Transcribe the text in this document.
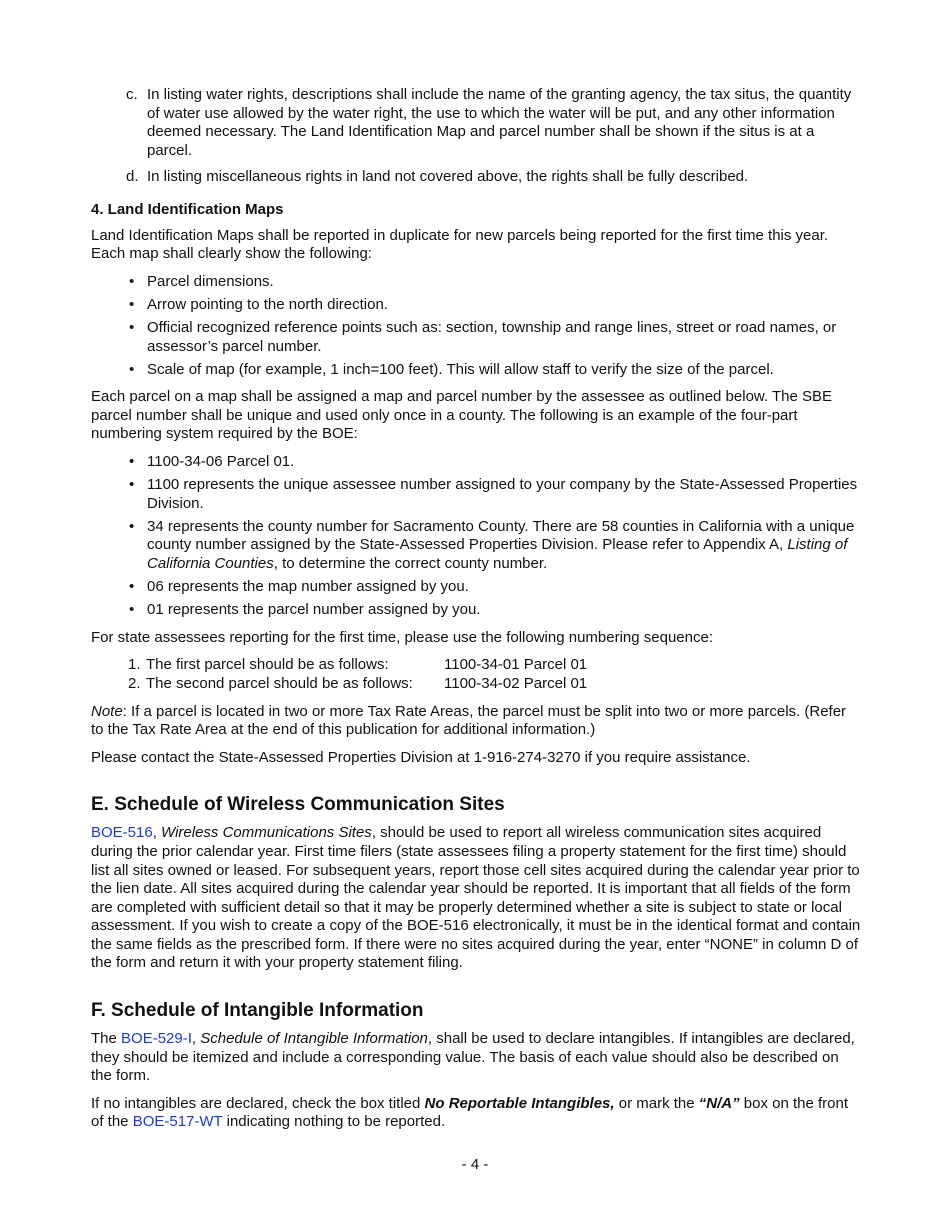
c. In listing water rights, descriptions shall include the name of the granting agency, the tax situs, the quantity of water use allowed by the water right, the use to which the water will be put, and any other information deemed necessary. The Land Identification Map and parcel number shall be shown if the situs is at a parcel.
d. In listing miscellaneous rights in land not covered above, the rights shall be fully described.
4. Land Identification Maps

Land Identification Maps shall be reported in duplicate for new parcels being reported for the first time this year. Each map shall clearly show the following:

• Parcel dimensions.
• Arrow pointing to the north direction.
• Official recognized reference points such as: section, township and range lines, street or road names, or assessor’s parcel number.
• Scale of map (for example, 1 inch=100 feet). This will allow staff to verify the size of the parcel.

Each parcel on a map shall be assigned a map and parcel number by the assessee as outlined below. The SBE parcel number shall be unique and used only once in a county. The following is an example of the four-part numbering system required by the BOE:

• 1100-34-06 Parcel 01.
• 1100 represents the unique assessee number assigned to your company by the State-Assessed Properties Division.
• 34 represents the county number for Sacramento County. There are 58 counties in California with a unique county number assigned by the State-Assessed Properties Division. Please refer to Appendix A, Listing of California Counties, to determine the correct county number.
• 06 represents the map number assigned by you.
• 01 represents the parcel number assigned by you.

For state assessees reporting for the first time, please use the following numbering sequence:

1. The first parcel should be as follows:	1100-34-01 Parcel 01
2. The second parcel should be as follows:	1100-34-02 Parcel 01

Note: If a parcel is located in two or more Tax Rate Areas, the parcel must be split into two or more parcels. (Refer to the Tax Rate Area at the end of this publication for additional information.)

Please contact the State-Assessed Properties Division at 1-916-274-3270 if you require assistance.

E. Schedule of Wireless Communication Sites

BOE-516, Wireless Communications Sites, should be used to report all wireless communication sites acquired during the prior calendar year. First time filers (state assessees filing a property statement for the first time) should list all sites owned or leased. For subsequent years, report those cell sites acquired during the calendar year prior to the lien date. All sites acquired during the calendar year should be reported. It is important that all fields of the form are completed with sufficient detail so that it may be properly determined whether a site is subject to state or local assessment. If you wish to create a copy of the BOE-516 electronically, it must be in the identical format and contain the same fields as the prescribed form. If there were no sites acquired during the year, enter “NONE” in column D of the form and return it with your property statement filing.

F. Schedule of Intangible Information

The BOE-529-I, Schedule of Intangible Information, shall be used to declare intangibles. If intangibles are declared, they should be itemized and include a corresponding value. The basis of each value should also be described on the form.

If no intangibles are declared, check the box titled No Reportable Intangibles, or mark the “N/A” box on the front of the BOE-517-WT indicating nothing to be reported.

- 4 -
